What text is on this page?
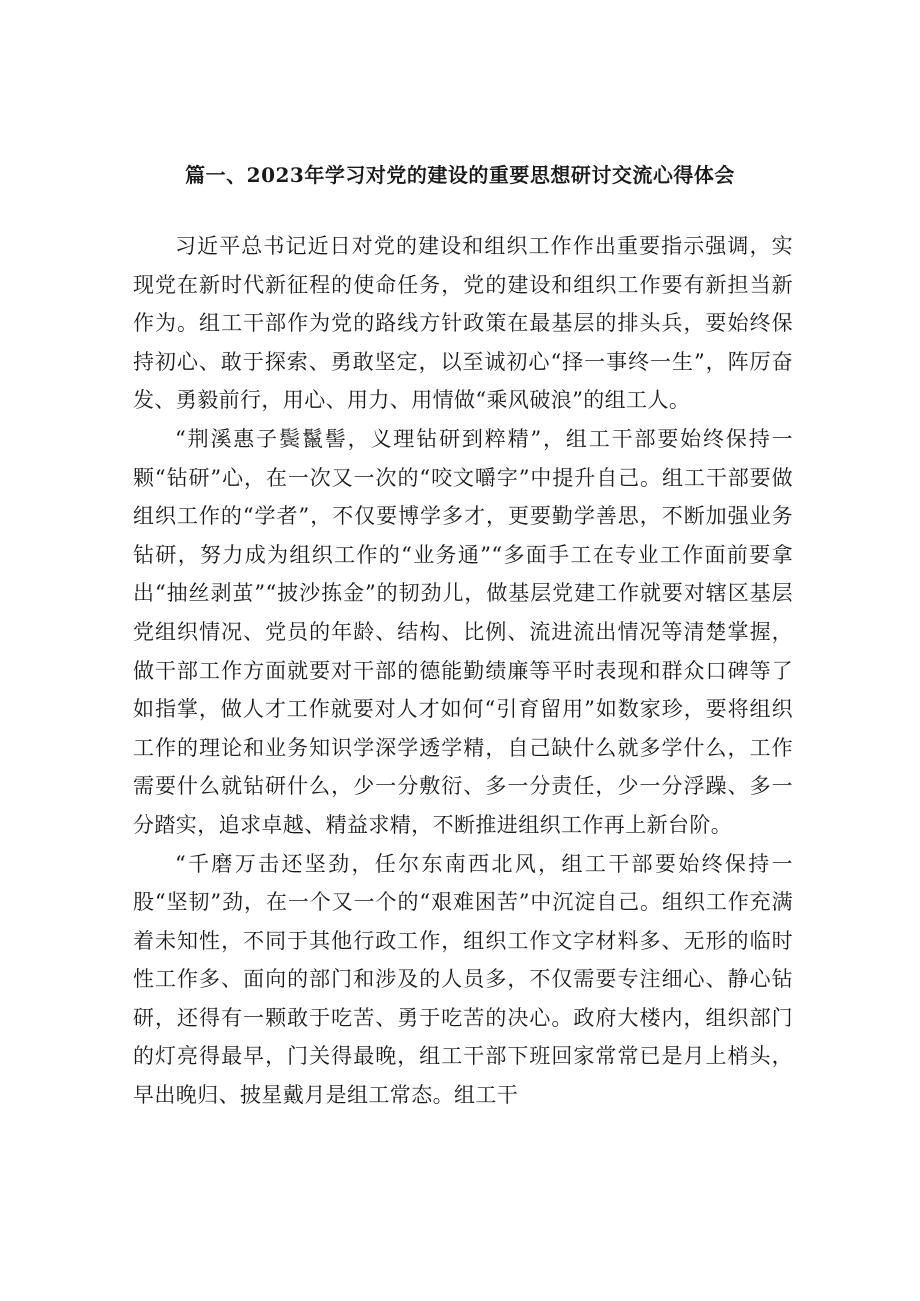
篇一、2023年学习对党的建设的重要思想研讨交流心得体会

习近平总书记近日对党的建设和组织工作作出重要指示强调，实现党在新时代新征程的使命任务，党的建设和组织工作要有新担当新作为。组工干部作为党的路线方针政策在最基层的排头兵，要始终保持初心、敢于探索、勇敢坚定，以至诚初心“择一事终一生”，阵厉奋发、勇毅前行，用心、用力、用情做“乘风破浪”的组工人。

“荆溪惠子鬓鬣髻，义理钻研到粹精”，组工干部要始终保持一颗“钻研”心，在一次又一次的“咬文嚼字”中提升自己。组工干部要做组织工作的“学者”，不仅要博学多才，更要勤学善思，不断加强业务钻研，努力成为组织工作的“业务通”“多面手工在专业工作面前要拿出“抽丝剥茧”“披沙拣金”的韧劲儿，做基层党建工作就要对辖区基层党组织情况、党员的年龄、结构、比例、流进流出情况等清楚掌握，做干部工作方面就要对干部的德能勤绩廉等平时表现和群众口碑等了如指掌，做人才工作就要对人才如何“引育留用”如数家珍，要将组织工作的理论和业务知识学深学透学精，自己缺什么就多学什么，工作需要什么就钻研什么，少一分敷衍、多一分责任，少一分浮躁、多一分踏实，追求卓越、精益求精，不断推进组织工作再上新台阶。

“千磨万击还坚劲，任尔东南西北风，组工干部要始终保持一股“坚韧”劲，在一个又一个的“艰难困苦”中沉淀自己。组织工作充满着未知性，不同于其他行政工作，组织工作文字材料多、无形的临时性工作多、面向的部门和涉及的人员多，不仅需要专注细心、静心钻研，还得有一颗敢于吃苦、勇于吃苦的决心。政府大楼内，组织部门的灯亮得最早，门关得最晚，组工干部下班回家常常已是月上梢头，早出晚归、披星戴月是组工常态。组工干
